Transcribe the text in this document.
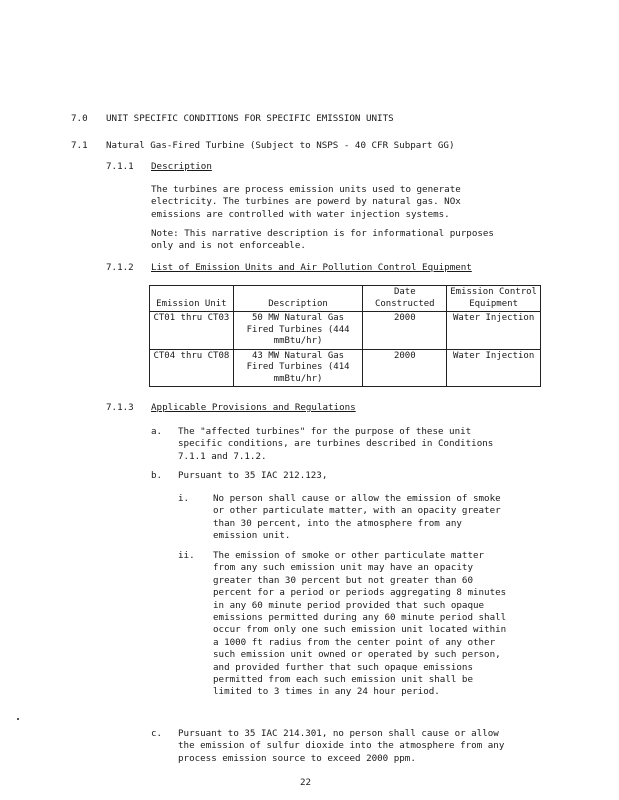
7.0 UNIT SPECIFIC CONDITIONS FOR SPECIFIC EMISSION UNITS
7.1 Natural Gas-Fired Turbine (Subject to NSPS - 40 CFR Subpart GG)
7.1.1 Description
The turbines are process emission units used to generate
electricity. The turbines are powerd by natural gas. NOx
emissions are controlled with water injection systems.
Note: This narrative description is for informational purposes
only and is not enforceable.
7.1.2 List of Emission Units and Air Pollution Control Equipment
Emission Unit	Description	Date Constructed	Emission Control Equipment
CT01 thru CT03	50 MW Natural Gas Fired Turbines (444 mmBtu/hr)	2000	Water Injection
CT04 thru CT08	43 MW Natural Gas Fired Turbines (414 mmBtu/hr)	2000	Water Injection
7.1.3 Applicable Provisions and Regulations
a. The "affected turbines" for the purpose of these unit
specific conditions, are turbines described in Conditions
7.1.1 and 7.1.2.
b. Pursuant to 35 IAC 212.123,
i.	No person shall cause or allow the emission of smoke
or other particulate matter, with an opacity greater
than 30 percent, into the atmosphere from any
emission unit.
ii. The emission of smoke or other particulate matter
from any such emission unit may have an opacity
greater than 30 percent but not greater than 60
percent for a period or periods aggregating 8 minutes
in any 60 minute period provided that such opaque
emissions permitted during any 60 minute period shall
occur from only one such emission unit located within
a 1000 ft radius from the center point of any other
such emission unit owned or operated by such person,
and provided further that such opaque emissions
permitted from each such emission unit shall be
limited to 3 times in any 24 hour period.
c. Pursuant to 35 IAC 214.301, no person shall cause or allow
the emission of sulfur dioxide into the atmosphere from any
process emission source to exceed 2000 ppm.
22
